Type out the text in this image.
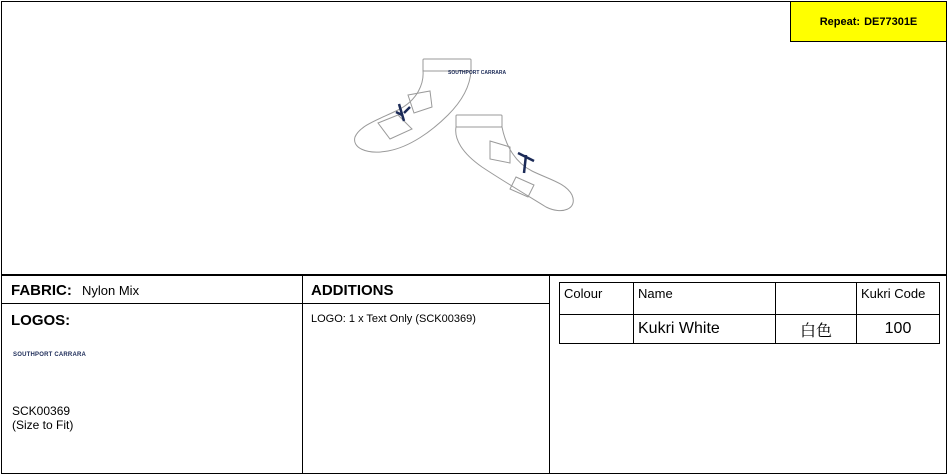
Repeat: DE77301E
SOUTHPORT CARRARA
FABRIC: Nylon Mix
LOGOS:
SOUTHPORT CARRARA
SCK00369
(Size to Fit)
ADDITIONS
LOGO: 1 x Text Only (SCK00369)
Colour	Name		Kukri Code
	Kukri White	白色	100
